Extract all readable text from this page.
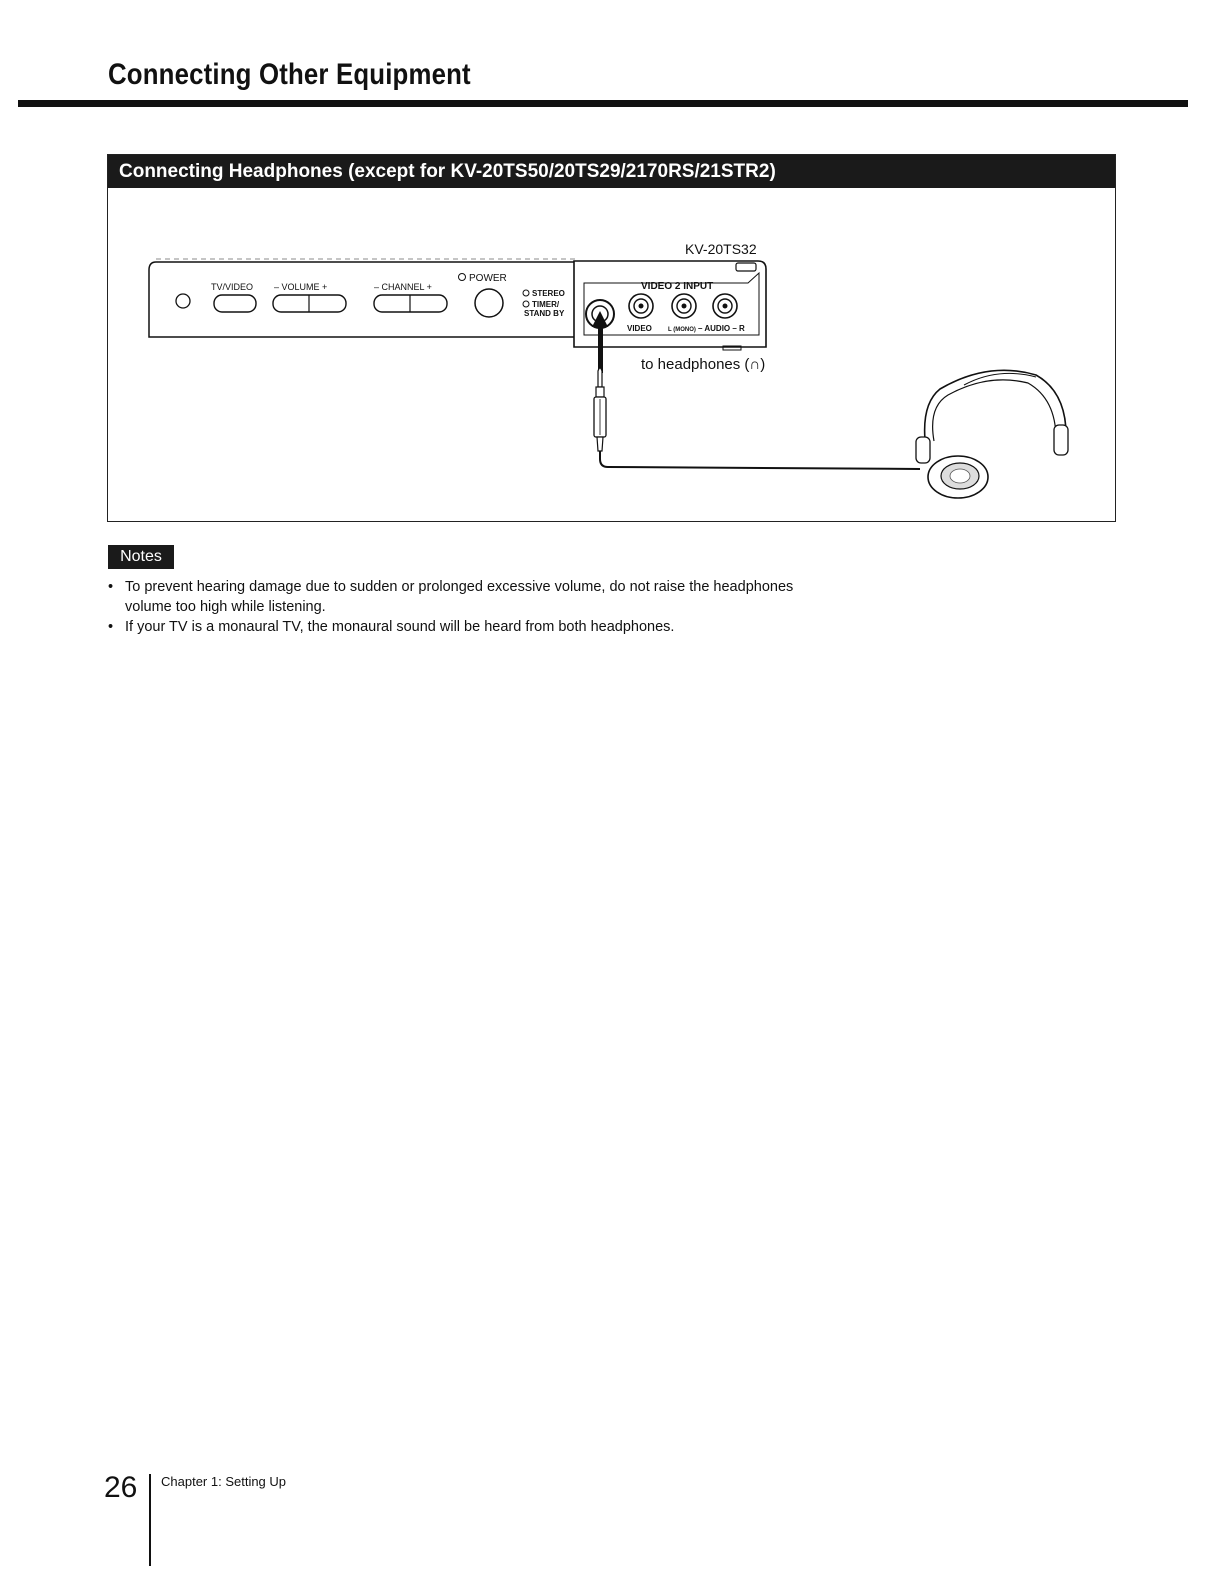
Connecting Other Equipment
Connecting Headphones (except for KV-20TS50/20TS29/2170RS/21STR2)
KV-20TS32
TV/VIDEO – VOLUME +	– CHANNEL +
POWER
STEREO
TIMER/
STAND BY
VIDEO 2 INPUT
VIDEO	L (MONO) – AUDIO – R
to headphones (∩)
Notes
• To prevent hearing damage due to sudden or prolonged excessive volume, do not raise the headphones volume too high while listening.
• If your TV is a monaural TV, the monaural sound will be heard from both headphones.
26 Chapter 1: Setting Up
